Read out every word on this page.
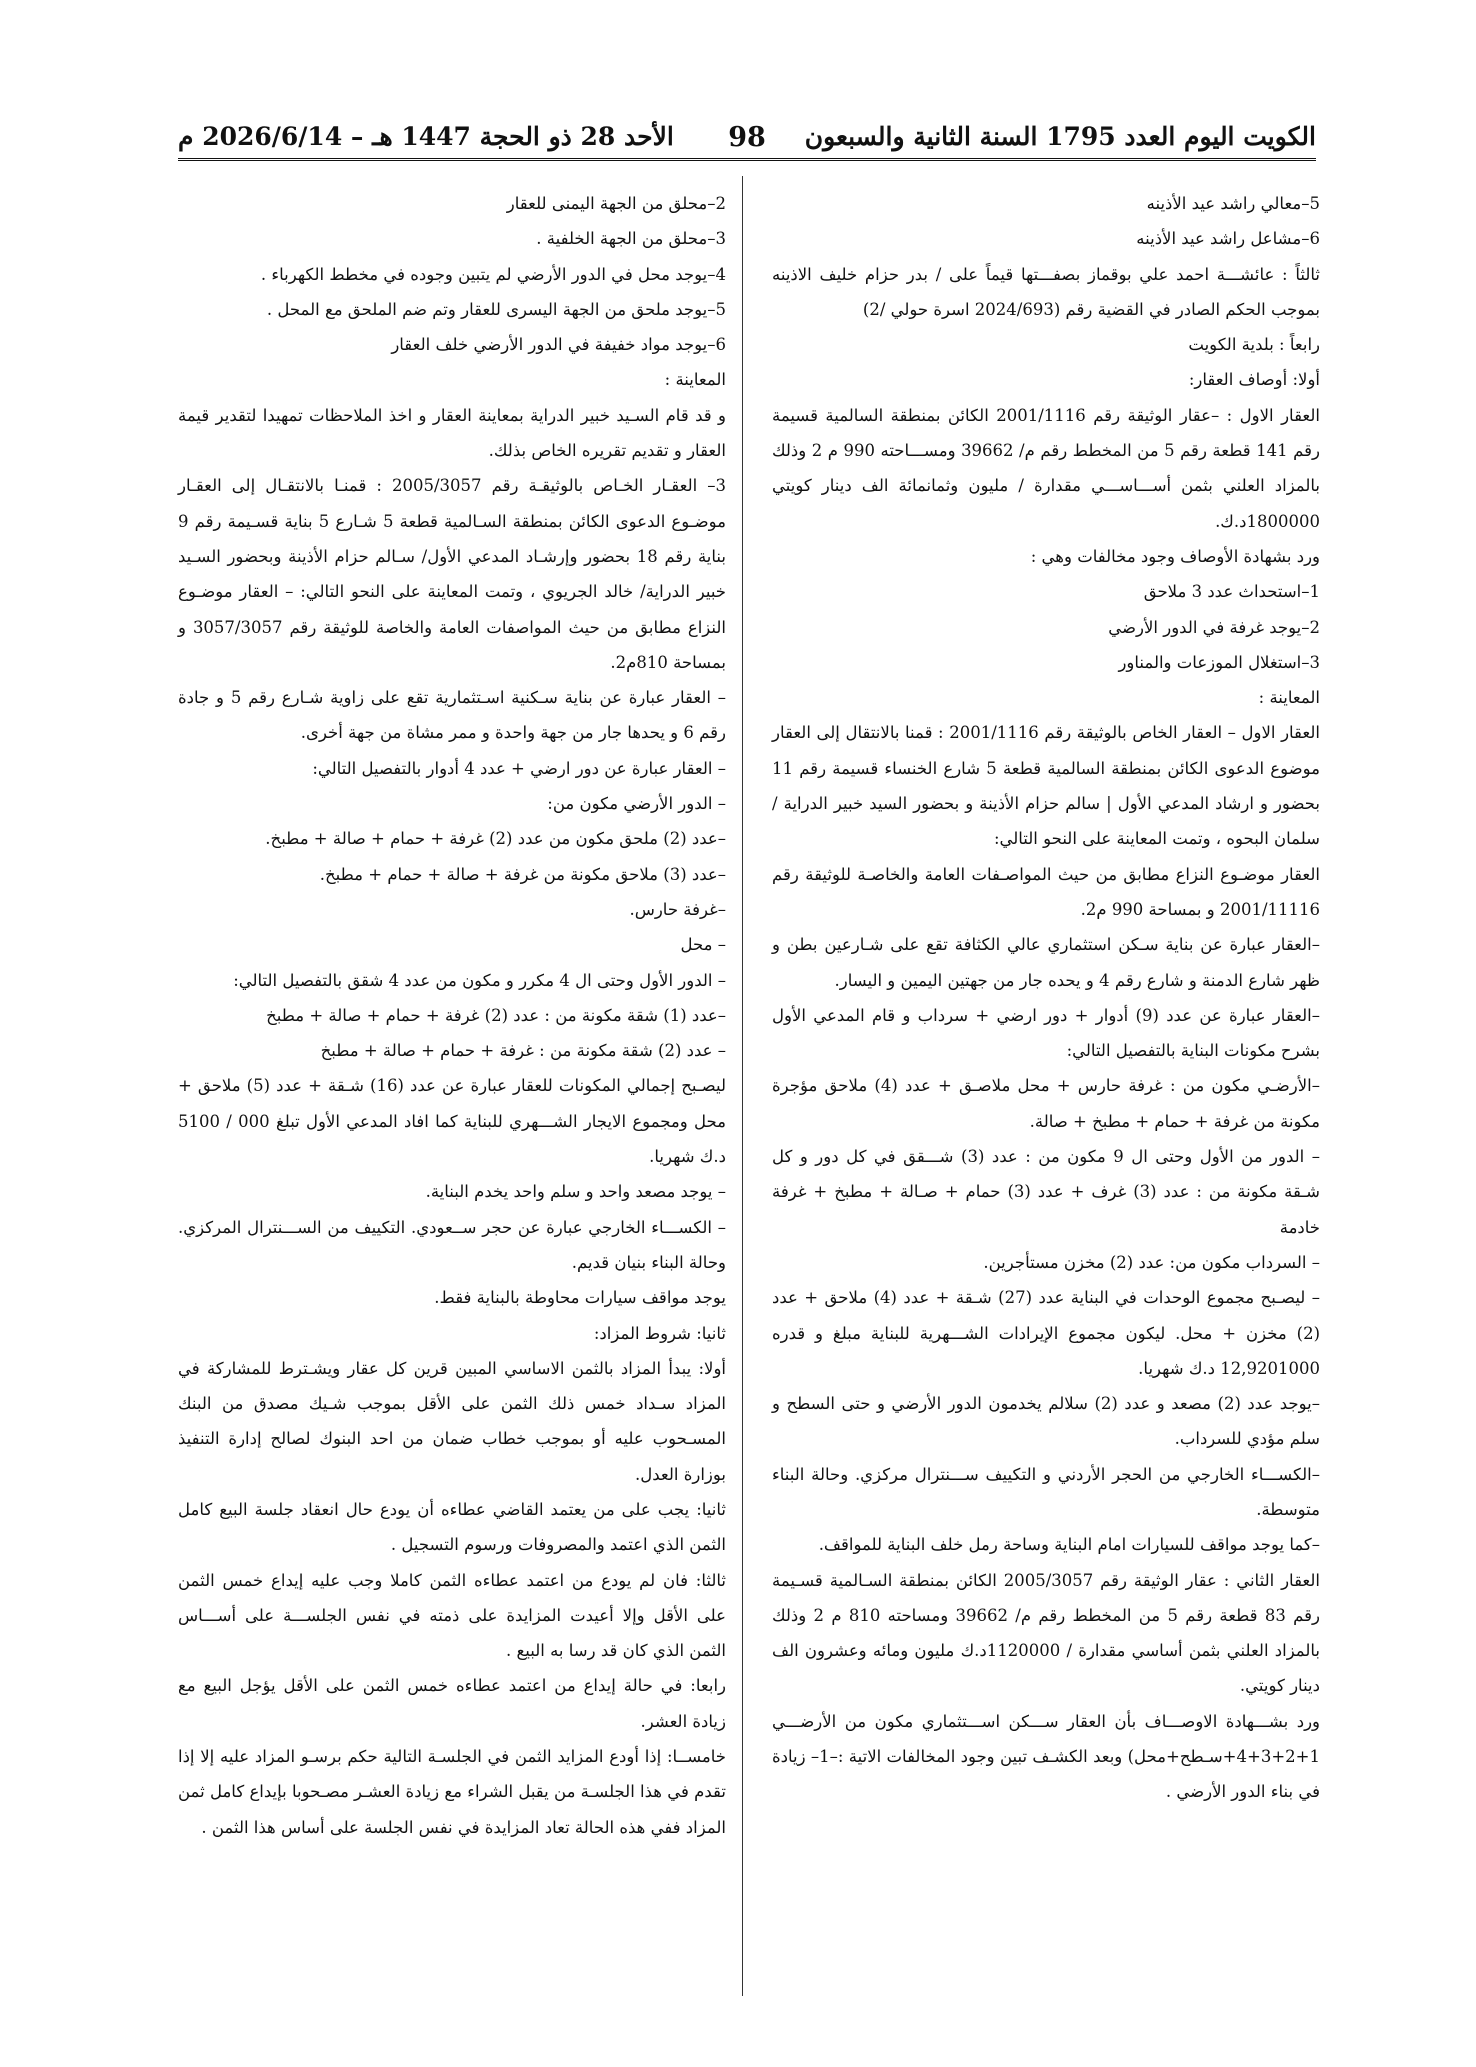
الكويت اليوم العدد 1795 السنة الثانية والسبعون
98
الأحد 28 ذو الحجة 1447 هـ – 2026/6/14 م

5–معالي راشد عيد الأذينه

6–مشاعل راشد عيد الأذينه

ثالثاً : عائشـــة احمد علي بوقماز بصفـــتها قيماً على / بدر حزام خليف الاذينه بموجب الحكم الصادر في القضية رقم (2024/693 اسرة حولي /2)

رابعاً : بلدية الكويت

أولا: أوصاف العقار:

العقار الاول : –عقار الوثيقة رقم 2001/1116 الكائن بمنطقة السالمية قسيمة رقم 141 قطعة رقم 5 من المخطط رقم م/ 39662 ومســـاحته 990 م 2 وذلك بالمزاد العلني بثمن أســـاســـي مقدارة / مليون وثمانمائة الف دينار كويتي 1800000د.ك.

ورد بشهادة الأوصاف وجود مخالفات وهي :

1–استحداث عدد 3 ملاحق

2–يوجد غرفة في الدور الأرضي

3–استغلال الموزعات والمناور

المعاينة :

العقار الاول – العقار الخاص بالوثيقة رقم 2001/1116 : قمنا بالانتقال إلى العقار موضوع الدعوى الكائن بمنطقة السالمية قطعة 5 شارع الخنساء قسيمة رقم 11 بحضور و ارشاد المدعي الأول | سالم حزام الأذينة و بحضور السيد خبير الدراية /سلمان البحوه ، وتمت المعاينة على النحو التالي:

العقار موضـوع النزاع مطابق من حيث المواصـفات العامة والخاصـة للوثيقة رقم 2001/11116 و بمساحة 990 م2.

–العقار عبارة عن بناية سـكن استثماري عالي الكثافة تقع على شـارعين بطن و ظهر شارع الدمنة و شارع رقم 4 و يحده جار من جهتين اليمين و اليسار.

–العقار عبارة عن عدد (9) أدوار + دور ارضي + سرداب و قام المدعي الأول بشرح مكونات البناية بالتفصيل التالي:

–الأرضـي مكون من : غرفة حارس + محل ملاصـق + عدد (4) ملاحق مؤجرة مكونة من غرفة + حمام + مطبخ + صالة.

– الدور من الأول وحتى ال 9 مكون من : عدد (3) شـــقق في كل دور و كل شـقة مكونة من : عدد (3) غرف + عدد (3) حمام + صـالة + مطبخ + غرفة خادمة

– السرداب مكون من: عدد (2) مخزن مستأجرين.

– ليصـبح مجموع الوحدات في البناية عدد (27) شـقة + عدد (4) ملاحق + عدد (2) مخزن + محل. ليكون مجموع الإيرادات الشـــهرية للبناية مبلغ و قدره 12,9201000 د.ك شهريا.

–يوجد عدد (2) مصعد و عدد (2) سلالم يخدمون الدور الأرضي و حتى السطح و سلم مؤدي للسرداب.

–الكســـاء الخارجي من الحجر الأردني و التكييف ســـنترال مركزي. وحالة البناء متوسطة.

–كما يوجد مواقف للسيارات امام البناية وساحة رمل خلف البناية للمواقف.

العقار الثاني : عقار الوثيقة رقم 2005/3057 الكائن بمنطقة السـالمية قسـيمة رقم 83 قطعة رقم 5 من المخطط رقم م/ 39662 ومساحته 810 م 2 وذلك بالمزاد العلني بثمن أساسي مقدارة / 1120000د.ك مليون ومائه وعشرون الف دينار كويتي.

ورد بشـــهادة الاوصـــاف بأن العقار ســـكن اســـتثماري مكون من الأرضـــي 1+2+3+4+سـطح+محل) وبعد الكشـف تبين وجود المخالفات الاتية :–1– زيادة في بناء الدور الأرضي .

2–محلق من الجهة اليمنى للعقار

3–محلق من الجهة الخلفية .

4–يوجد محل في الدور الأرضي لم يتبين وجوده في مخطط الكهرباء .

5–يوجد ملحق من الجهة اليسرى للعقار وتم ضم الملحق مع المحل .

6–يوجد مواد خفيفة في الدور الأرضي خلف العقار

المعاينة :

و قد قام السـيد خبير الدراية بمعاينة العقار و اخذ الملاحظات تمهيدا لتقدير قيمة العقار و تقديم تقريره الخاص بذلك.

3– العقـار الخـاص بالوثيقـة رقم 2005/3057 : قمنـا بالانتقـال إلى العقـار موضـوع الدعوى الكائن بمنطقة السـالمية قطعة 5 شـارع 5 بناية قسـيمة رقم 9 بناية رقم 18 بحضور وإرشـاد المدعي الأول/ سـالم حزام الأذينة وبحضور السـيد خبير الدراية/ خالد الجريوي ، وتمت المعاينة على النحو التالي: – العقار موضـوع النزاع مطابق من حيث المواصفات العامة والخاصة للوثيقة رقم 3057/3057 و بمساحة 810م2.

– العقار عبارة عن بناية سـكنية اسـتثمارية تقع على زاوية شـارع رقم 5 و جادة رقم 6 و يحدها جار من جهة واحدة و ممر مشاة من جهة أخرى.

– العقار عبارة عن دور ارضي + عدد 4 أدوار بالتفصيل التالي:

– الدور الأرضي مكون من:

–عدد (2) ملحق مكون من عدد (2) غرفة + حمام + صالة + مطبخ.

–عدد (3) ملاحق مكونة من غرفة + صالة + حمام + مطبخ.

–غرفة حارس.

– محل

– الدور الأول وحتى ال 4 مكرر و مكون من عدد 4 شقق بالتفصيل التالي:

–عدد (1) شقة مكونة من : عدد (2) غرفة + حمام + صالة + مطبخ

– عدد (2) شقة مكونة من : غرفة + حمام + صالة + مطبخ

ليصـبح إجمالي المكونات للعقار عبارة عن عدد (16) شـقة + عدد (5) ملاحق + محل ومجموع الايجار الشـــهري للبناية كما افاد المدعي الأول تبلغ 000 / 5100 د.ك شهريا.

– يوجد مصعد واحد و سلم واحد يخدم البناية.

– الكســـاء الخارجي عبارة عن حجر ســعودي. التكييف من الســـنترال المركزي. وحالة البناء بنيان قديم.

يوجد مواقف سيارات محاوطة بالبناية فقط.

ثانيا: شروط المزاد:

أولا: يبدأ المزاد بالثمن الاساسي المبين قرين كل عقار ويشـترط للمشاركة في المزاد سـداد خمس ذلك الثمن على الأقل بموجب شـيك مصدق من البنك المسـحوب عليه أو بموجب خطاب ضمان من احد البنوك لصالح إدارة التنفيذ بوزارة العدل.

ثانيا: يجب على من يعتمد القاضي عطاءه أن يودع حال انعقاد جلسة البيع كامل الثمن الذي اعتمد والمصروفات ورسوم التسجيل .

ثالثا: فان لم يودع من اعتمد عطاءه الثمن كاملا وجب عليه إيداع خمس الثمن على الأقل وإلا أعيدت المزايدة على ذمته في نفس الجلســـة على أســـاس الثمن الذي كان قد رسا به البيع .

رابعا: في حالة إيداع من اعتمد عطاءه خمس الثمن على الأقل يؤجل البيع مع زيادة العشر.

خامســا: إذا أودع المزايد الثمن في الجلسـة التالية حكم برسـو المزاد عليه إلا إذا تقدم في هذا الجلسـة من يقبل الشراء مع زيادة العشـر مصـحوبا بإيداع كامل ثمن المزاد ففي هذه الحالة تعاد المزايدة في نفس الجلسة على أساس هذا الثمن .
